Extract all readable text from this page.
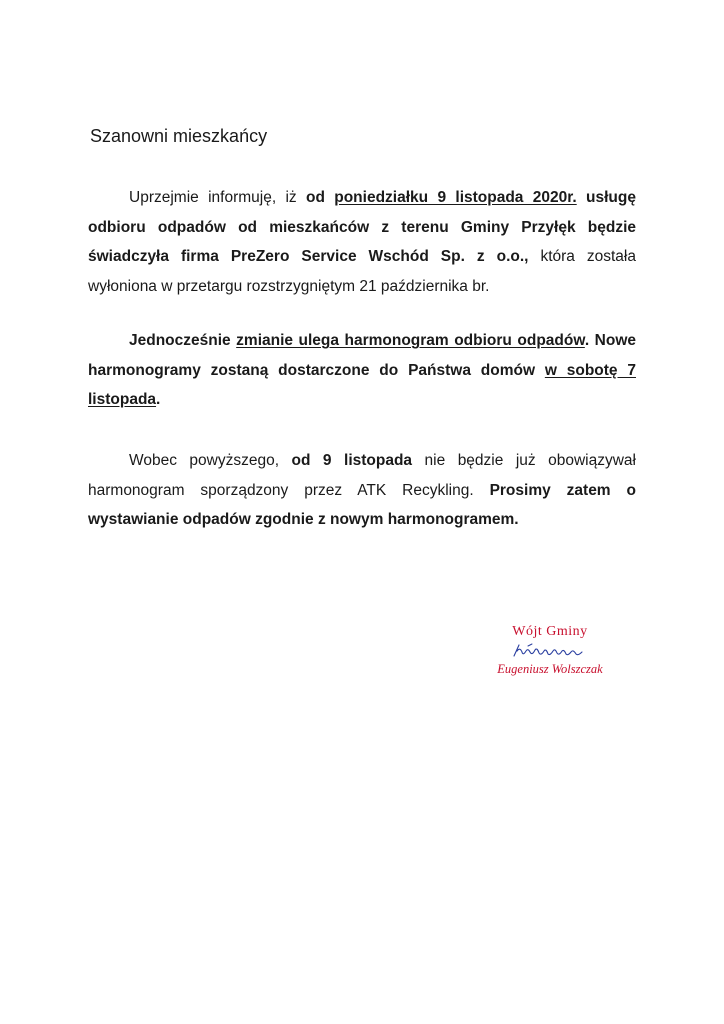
Szanowni mieszkańcy

Uprzejmie informuję, iż od poniedziałku 9 listopada 2020r. usługę odbioru odpadów od mieszkańców z terenu Gminy Przyłęk będzie świadczyła firma PreZero Service Wschód Sp. z o.o., która została wyłoniona w przetargu rozstrzygniętym 21 października br.

Jednocześnie zmianie ulega harmonogram odbioru odpadów. Nowe harmonogramy zostaną dostarczone do Państwa domów w sobotę 7 listopada.

Wobec powyższego, od 9 listopada nie będzie już obowiązywał harmonogram sporządzony przez ATK Recykling. Prosimy zatem o wystawianie odpadów zgodnie z nowym harmonogramem.

Wójt Gminy
Eugeniusz Wolszczak
